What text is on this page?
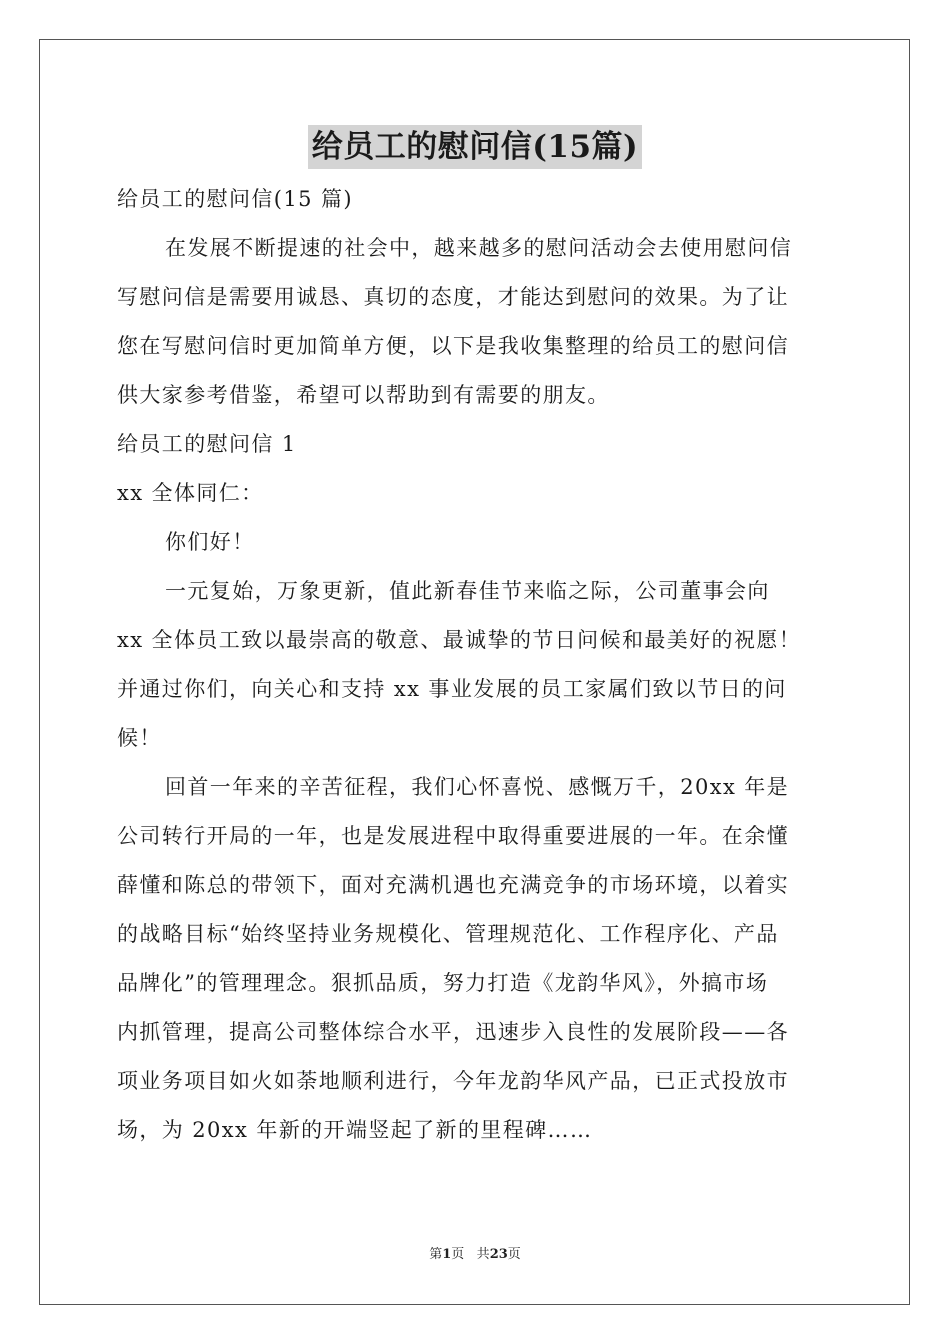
给员工的慰问信(15篇)

给员工的慰问信(15 篇)

在发展不断提速的社会中，越来越多的慰问活动会去使用慰问信

写慰问信是需要用诚恳、真切的态度，才能达到慰问的效果。为了让

您在写慰问信时更加简单方便，以下是我收集整理的给员工的慰问信

供大家参考借鉴，希望可以帮助到有需要的朋友。

给员工的慰问信 1

xx 全体同仁：

你们好！

一元复始，万象更新，值此新春佳节来临之际，公司董事会向

xx 全体员工致以最崇高的敬意、最诚挚的节日问候和最美好的祝愿！

并通过你们，向关心和支持 xx 事业发展的员工家属们致以节日的问

候！

回首一年来的辛苦征程，我们心怀喜悦、感慨万千，20xx 年是

公司转行开局的一年，也是发展进程中取得重要进展的一年。在余懂

薛懂和陈总的带领下，面对充满机遇也充满竞争的市场环境，以着实

的战略目标“始终坚持业务规模化、管理规范化、工作程序化、产品

品牌化”的管理理念。狠抓品质，努力打造《龙韵华风》，外搞市场

内抓管理，提高公司整体综合水平，迅速步入良性的发展阶段——各

项业务项目如火如荼地顺利进行，今年龙韵华风产品，已正式投放市

场，为 20xx 年新的开端竖起了新的里程碑……

第1页 共23页
